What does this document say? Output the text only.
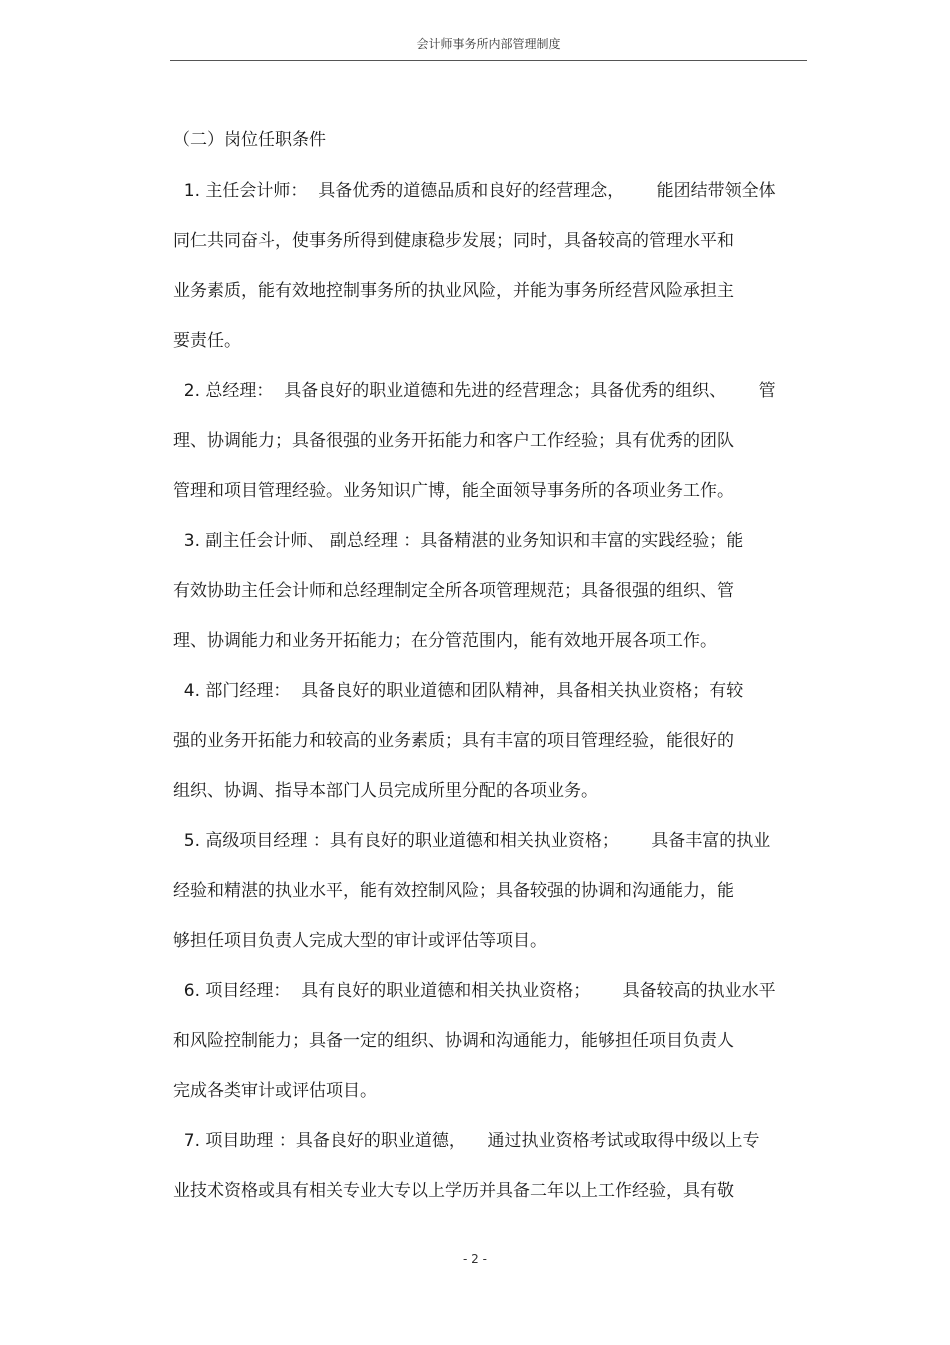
会计师事务所内部管理制度
（二）岗位任职条件
1. 主任会计师：  具备优秀的道德品质和良好的经营理念，      能团结带领全体
同仁共同奋斗，使事务所得到健康稳步发展；同时，具备较高的管理水平和
业务素质，能有效地控制事务所的执业风险，并能为事务所经营风险承担主
要责任。
2. 总经理：  具备良好的职业道德和先进的经营理念；具备优秀的组织、      管
理、协调能力；具备很强的业务开拓能力和客户工作经验；具有优秀的团队
管理和项目管理经验。业务知识广博，能全面领导事务所的各项业务工作。
3. 副主任会计师、 副总经理 ：具备精湛的业务知识和丰富的实践经验；能
有效协助主任会计师和总经理制定全所各项管理规范；具备很强的组织、管
理、协调能力和业务开拓能力；在分管范围内，能有效地开展各项工作。
4. 部门经理：  具备良好的职业道德和团队精神，具备相关执业资格；有较
强的业务开拓能力和较高的业务素质；具有丰富的项目管理经验，能很好的
组织、协调、指导本部门人员完成所里分配的各项业务。
5. 高级项目经理 ：具有良好的职业道德和相关执业资格；      具备丰富的执业
经验和精湛的执业水平，能有效控制风险；具备较强的协调和沟通能力，能
够担任项目负责人完成大型的审计或评估等项目。
6. 项目经理：  具有良好的职业道德和相关执业资格；      具备较高的执业水平
和风险控制能力；具备一定的组织、协调和沟通能力，能够担任项目负责人
完成各类审计或评估项目。
7. 项目助理 ：具备良好的职业道德，    通过执业资格考试或取得中级以上专
业技术资格或具有相关专业大专以上学历并具备二年以上工作经验，具有敬
- 2 -
